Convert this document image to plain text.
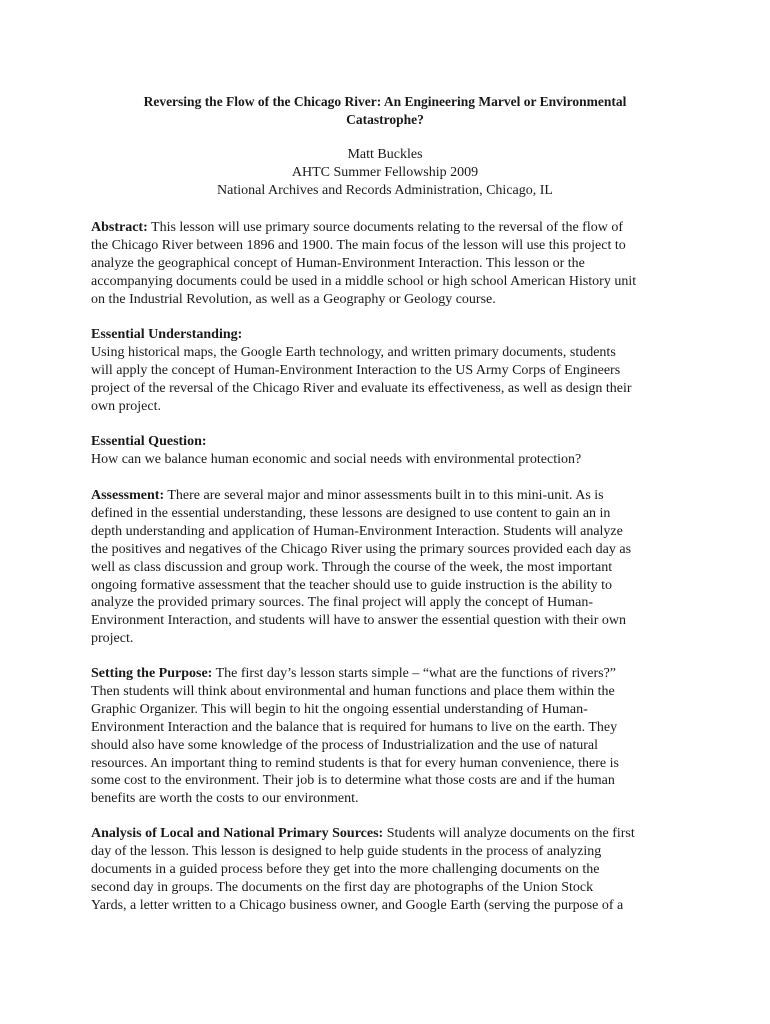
Reversing the Flow of the Chicago River: An Engineering Marvel or Environmental
Catastrophe?
Matt Buckles
AHTC Summer Fellowship 2009
National Archives and Records Administration, Chicago, IL
Abstract: This lesson will use primary source documents relating to the reversal of the flow of
the Chicago River between 1896 and 1900. The main focus of the lesson will use this project to
analyze the geographical concept of Human-Environment Interaction. This lesson or the
accompanying documents could be used in a middle school or high school American History unit
on the Industrial Revolution, as well as a Geography or Geology course.
Essential Understanding:
Using historical maps, the Google Earth technology, and written primary documents, students
will apply the concept of Human-Environment Interaction to the US Army Corps of Engineers
project of the reversal of the Chicago River and evaluate its effectiveness, as well as design their
own project.
Essential Question:
How can we balance human economic and social needs with environmental protection?
Assessment: There are several major and minor assessments built in to this mini-unit. As is
defined in the essential understanding, these lessons are designed to use content to gain an in
depth understanding and application of Human-Environment Interaction. Students will analyze
the positives and negatives of the Chicago River using the primary sources provided each day as
well as class discussion and group work. Through the course of the week, the most important
ongoing formative assessment that the teacher should use to guide instruction is the ability to
analyze the provided primary sources. The final project will apply the concept of Human-
Environment Interaction, and students will have to answer the essential question with their own
project.
Setting the Purpose: The first day’s lesson starts simple – “what are the functions of rivers?”
Then students will think about environmental and human functions and place them within the
Graphic Organizer. This will begin to hit the ongoing essential understanding of Human-
Environment Interaction and the balance that is required for humans to live on the earth. They
should also have some knowledge of the process of Industrialization and the use of natural
resources. An important thing to remind students is that for every human convenience, there is
some cost to the environment. Their job is to determine what those costs are and if the human
benefits are worth the costs to our environment.
Analysis of Local and National Primary Sources: Students will analyze documents on the first
day of the lesson. This lesson is designed to help guide students in the process of analyzing
documents in a guided process before they get into the more challenging documents on the
second day in groups. The documents on the first day are photographs of the Union Stock
Yards, a letter written to a Chicago business owner, and Google Earth (serving the purpose of a
